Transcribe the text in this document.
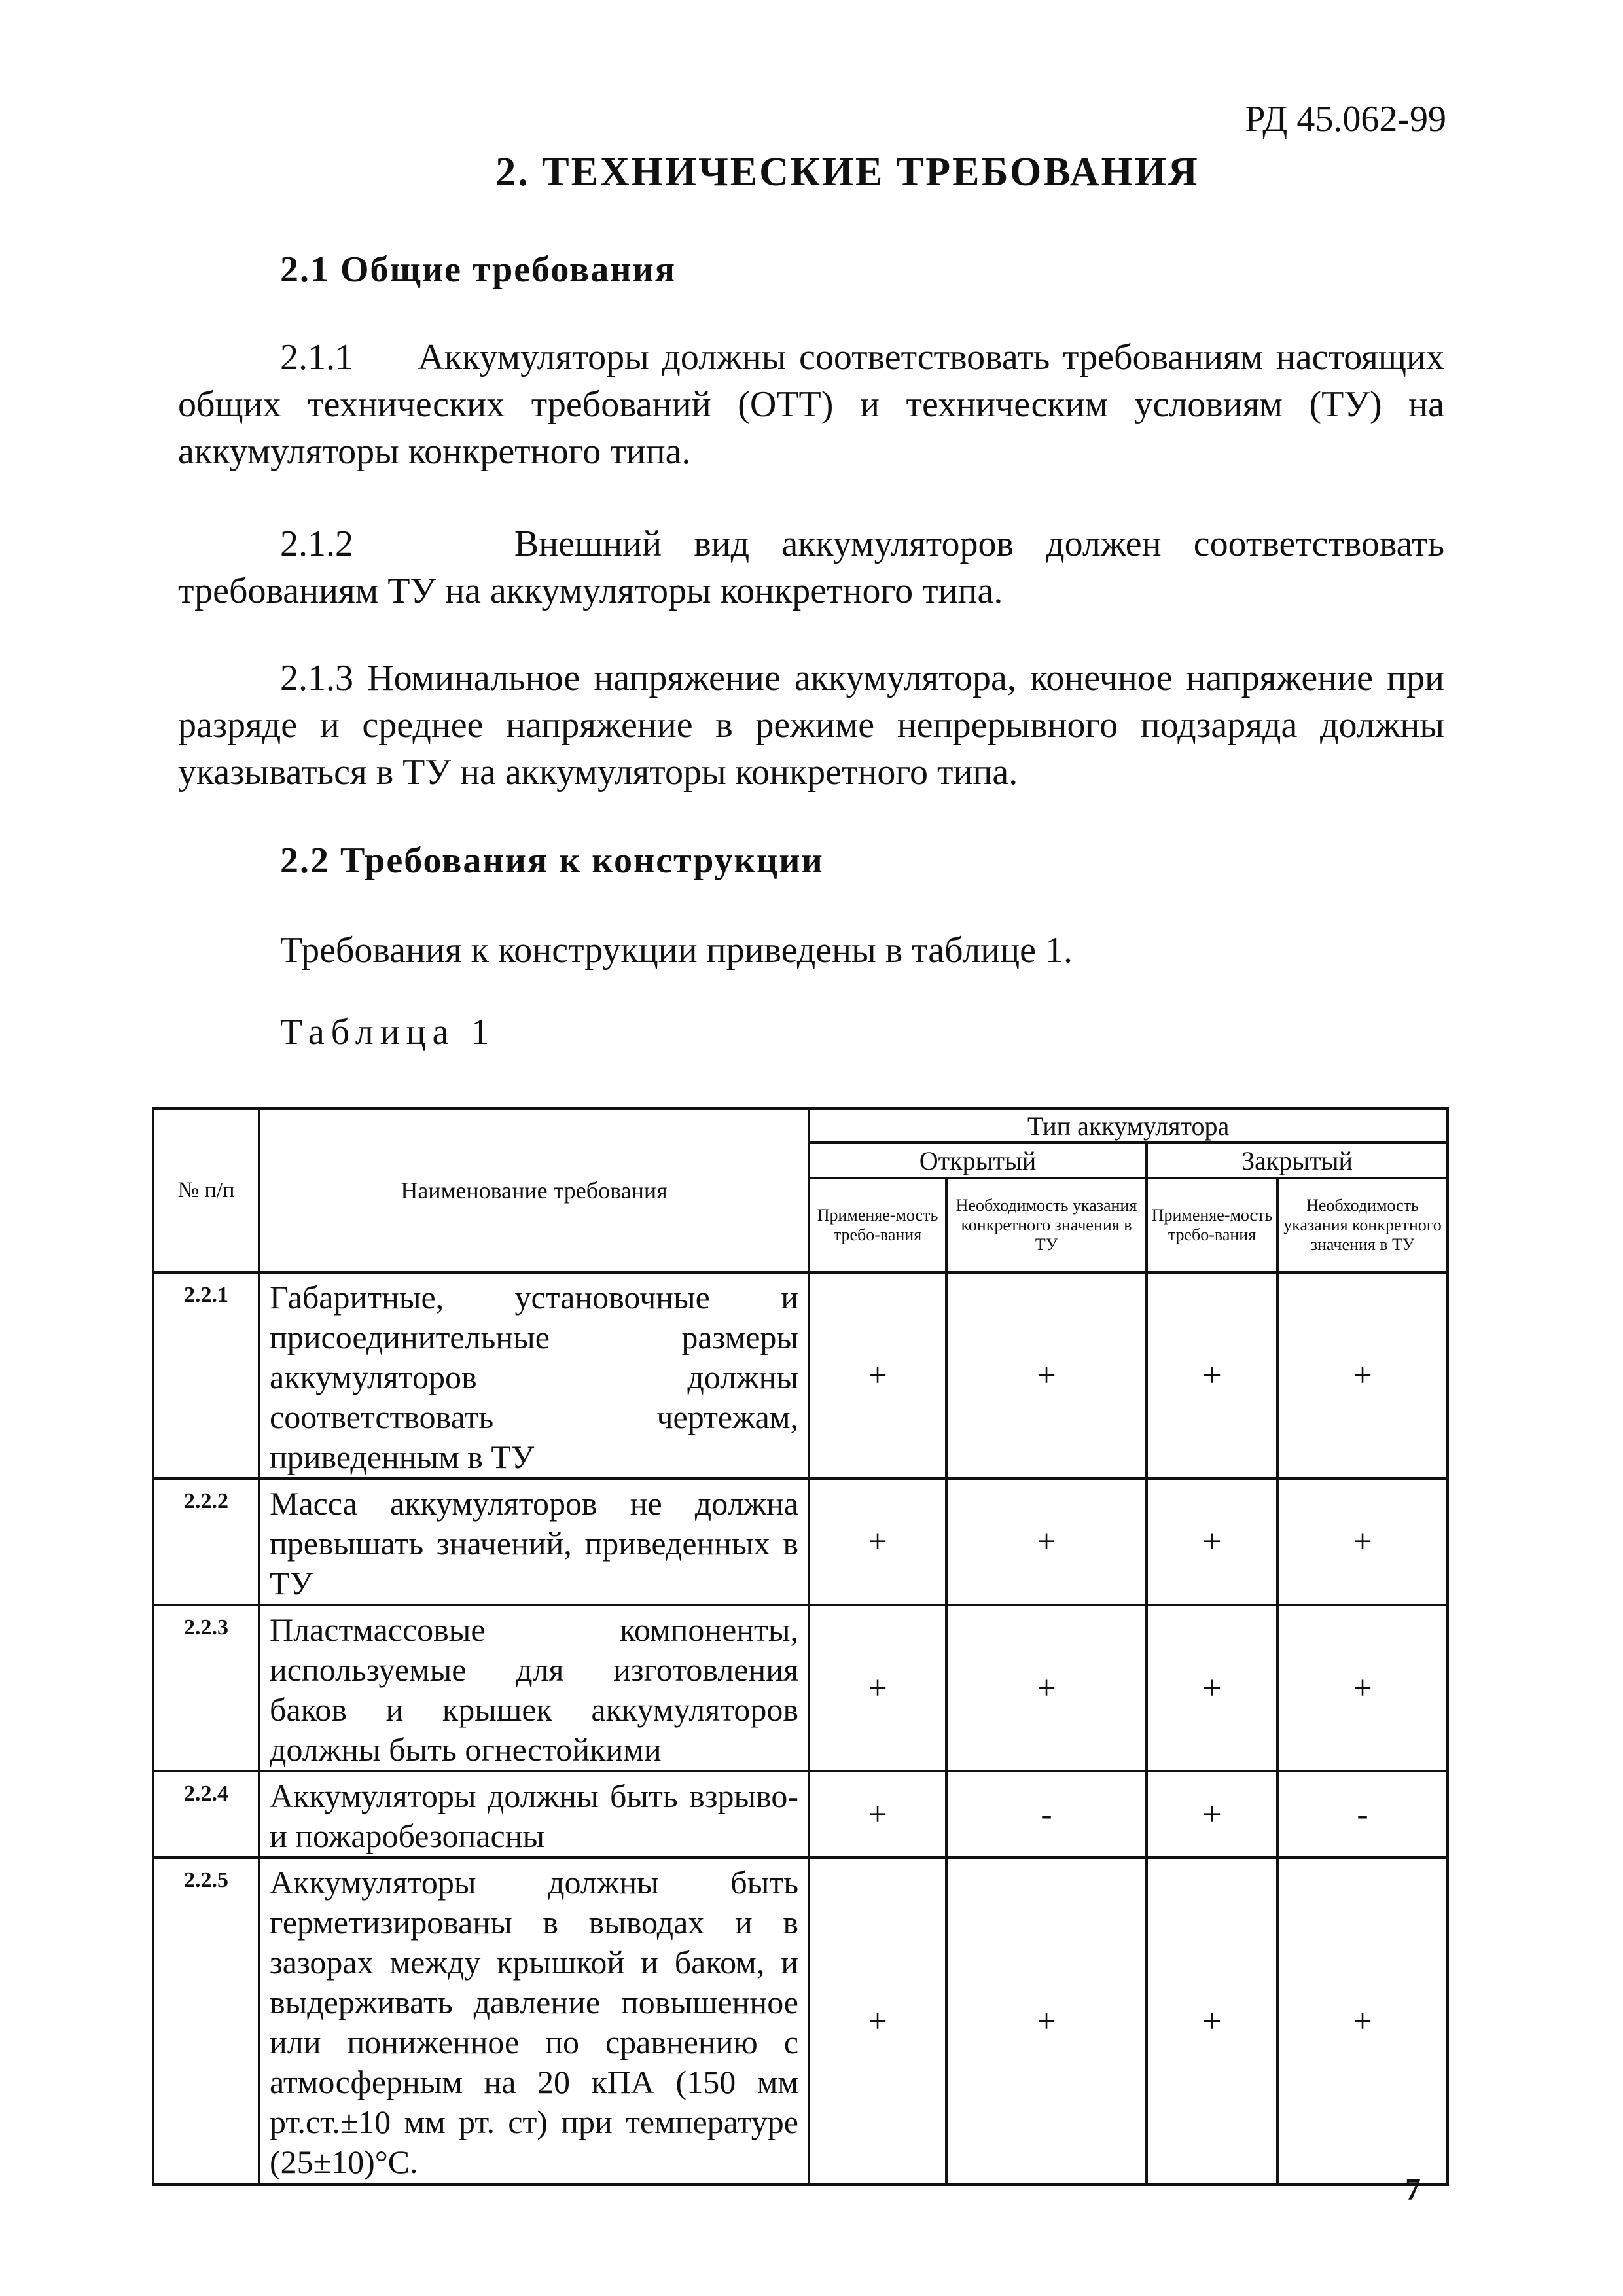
РД 45.062-99
2. ТЕХНИЧЕСКИЕ ТРЕБОВАНИЯ
2.1 Общие требования
2.1.1 Аккумуляторы должны соответствовать требованиям настоящих общих технических требований (ОТТ) и техническим условиям (ТУ) на аккумуляторы конкретного типа.
2.1.2	Внешний вид аккумуляторов должен соответствовать требованиям ТУ на аккумуляторы конкретного типа.
2.1.3 Номинальное напряжение аккумулятора, конечное напряжение при разряде и среднее напряжение в режиме непрерывного подзаряда должны указываться в ТУ на аккумуляторы конкретного типа.
2.2 Требования к конструкции
Требования к конструкции приведены в таблице 1.
Таблица 1
№ п/п	Наименование требования	Тип аккумулятора			
		Открытый		Закрытый	
		Применяе-мость требо-вания	Необходимость указания конкретного значения в ТУ	Применяе-мость требо-вания	Необходимость указания конкретного значения в ТУ
2.2.1	Габаритные, установочные и присоединительные размеры аккумуляторов должны соответствовать чертежам, приведенным в ТУ	+	+	+	+
2.2.2	Масса аккумуляторов не должна превышать значений, приведенных в ТУ	+	+	+	+
2.2.3	Пластмассовые компоненты, используемые для изготовления баков и крышек аккумуляторов должны быть огнестойкими	+	+	+	+
2.2.4	Аккумуляторы должны быть взрыво- и пожаробезопасны	+	-	+	-
2.2.5	Аккумуляторы должны быть герметизированы в выводах и в зазорах между крышкой и баком, и выдерживать давление повышенное или пониженное по сравнению с атмосферным на 20 кПА (150 мм рт.ст.±10 мм рт. ст) при температуре (25±10)°С.	+	+	+	+
7
